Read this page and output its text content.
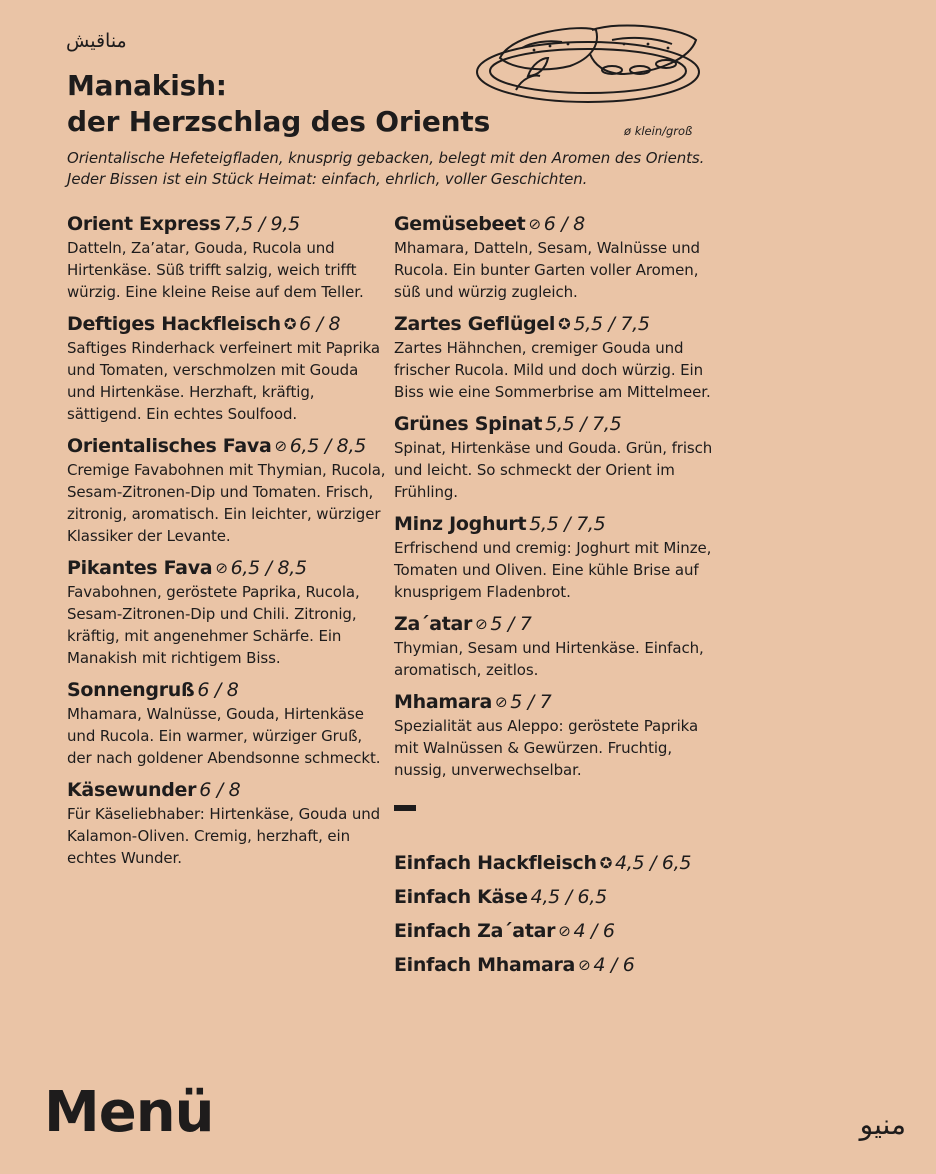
مناقيش
Manakish:
der Herzschlag des Orients	ø klein/groß

Orientalische Hefeteigfladen, knusprig gebacken, belegt mit den Aromen des Orients. Jeder Bissen ist ein Stück Heimat: einfach, ehrlich, voller Geschichten.

Orient Express 7,5 / 9,5
Datteln, Za’atar, Gouda, Rucola und Hirtenkäse. Süß trifft salzig, weich trifft würzig. Eine kleine Reise auf dem Teller.
Deftiges Hackfleisch ✪ 6 / 8
Saftiges Rinderhack verfeinert mit Paprika und Tomaten, verschmolzen mit Gouda und Hirtenkäse. Herzhaft, kräftig, sättigend. Ein echtes Soulfood.
Orientalisches Fava ⊘ 6,5 / 8,5
Cremige Favabohnen mit Thymian, Rucola, Sesam-Zitronen-Dip und Tomaten. Frisch, zitronig, aromatisch. Ein leichter, würziger Klassiker der Levante.
Pikantes Fava ⊘ 6,5 / 8,5
Favabohnen, geröstete Paprika, Rucola, Sesam-Zitronen-Dip und Chili. Zitronig, kräftig, mit angenehmer Schärfe. Ein Manakish mit richtigem Biss.
Sonnengruß 6 / 8
Mhamara, Walnüsse, Gouda, Hirtenkäse und Rucola. Ein warmer, würziger Gruß, der nach goldener Abendsonne schmeckt.
Käsewunder 6 / 8
Für Käseliebhaber: Hirtenkäse, Gouda und Kalamon-Oliven. Cremig, herzhaft, ein echtes Wunder.
Gemüsebeet ⊘ 6 / 8
Mhamara, Datteln, Sesam, Walnüsse und Rucola. Ein bunter Garten voller Aromen, süß und würzig zugleich.
Zartes Geflügel ✪ 5,5 / 7,5
Zartes Hähnchen, cremiger Gouda und frischer Rucola. Mild und doch würzig. Ein Biss wie eine Sommerbrise am Mittelmeer.
Grünes Spinat 5,5 / 7,5
Spinat, Hirtenkäse und Gouda. Grün, frisch und leicht. So schmeckt der Orient im Frühling.
Minz Joghurt 5,5 / 7,5
Erfrischend und cremig: Joghurt mit Minze, Tomaten und Oliven. Eine kühle Brise auf knusprigem Fladenbrot.
Za´atar ⊘ 5 / 7
Thymian, Sesam und Hirtenkäse. Einfach, aromatisch, zeitlos.
Mhamara ⊘ 5 / 7
Spezialität aus Aleppo: geröstete Paprika mit Walnüssen & Gewürzen. Fruchtig, nussig, unverwechselbar.
Einfach Hackfleisch ✪ 4,5 / 6,5
Einfach Käse 4,5 / 6,5
Einfach Za´atar ⊘ 4 / 6
Einfach Mhamara ⊘ 4 / 6
Menü	منيو
